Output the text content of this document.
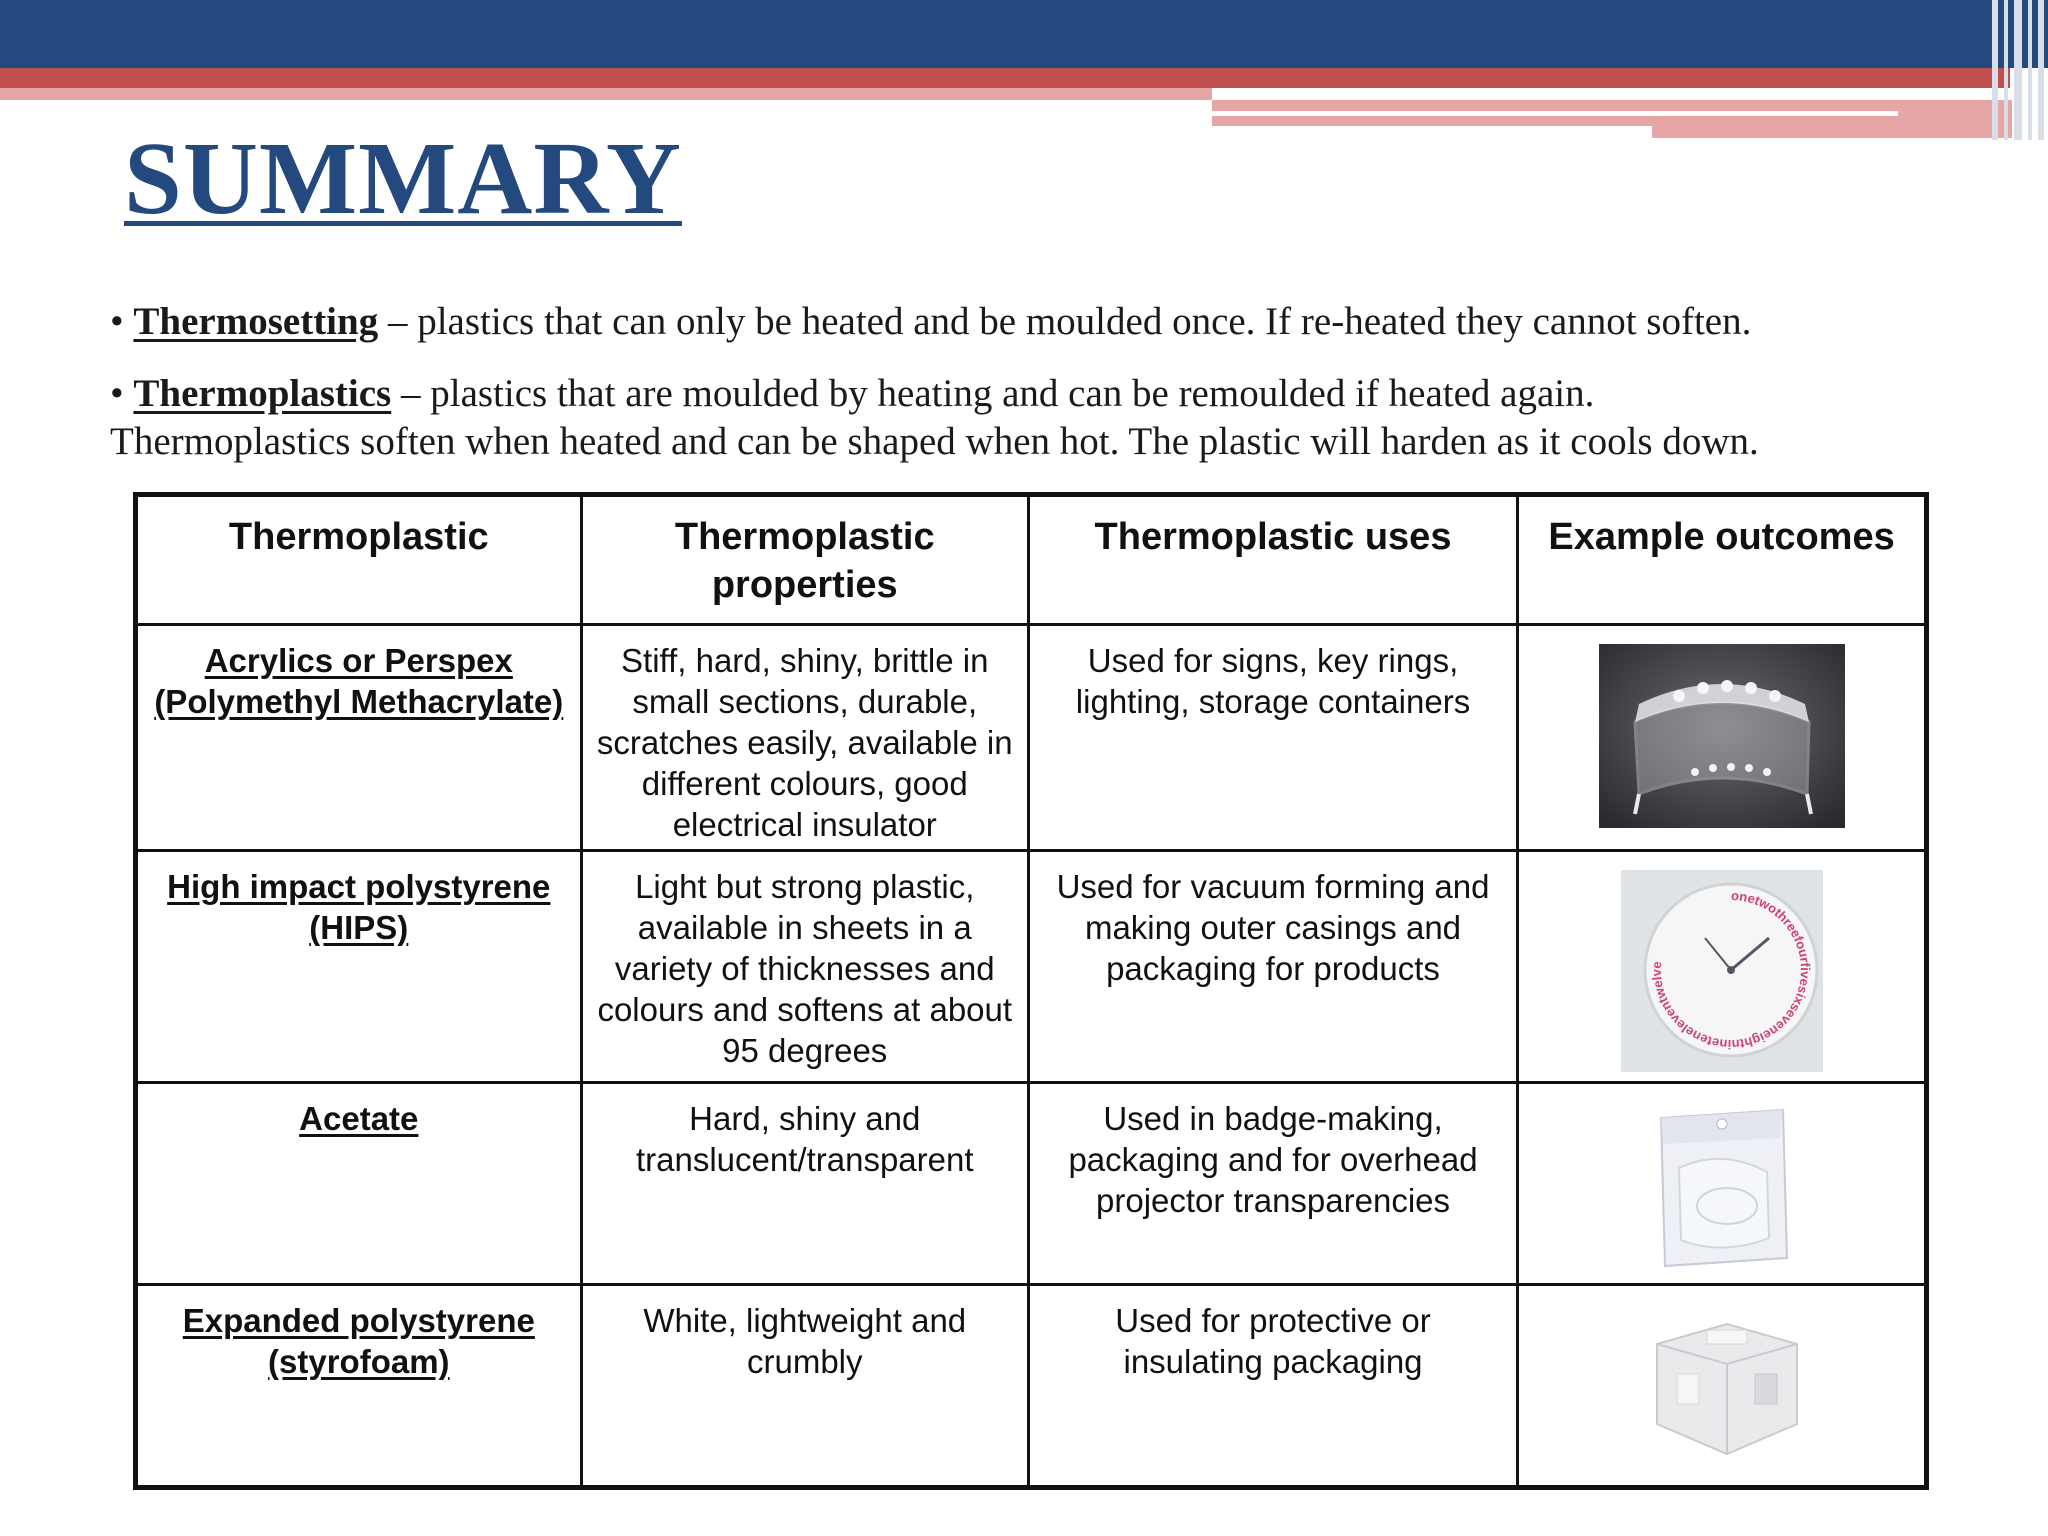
SUMMARY
• Thermosetting – plastics that can only be heated and be moulded once. If re-heated they cannot soften.
• Thermoplastics – plastics that are moulded by heating and can be remoulded if heated again.
Thermoplastics soften when heated and can be shaped when hot. The plastic will harden as it cools down.
Thermoplastic	Thermoplastic properties	Thermoplastic uses	Example outcomes
Acrylics or Perspex (Polymethyl Methacrylate)	Stiff, hard, shiny, brittle in small sections, durable, scratches easily, available in different colours, good electrical insulator	Used for signs, key rings, lighting, storage containers	
High impact polystyrene (HIPS)	Light but strong plastic, available in sheets in a variety of thicknesses and colours and softens at about 95 degrees	Used for vacuum forming and making outer casings and packaging for products	onetwothreefourfivesixseveneightnineteneleventwelve

Acetate	Hard, shiny and translucent/transparent	Used in badge-making, packaging and for overhead projector transparencies	
Expanded polystyrene (styrofoam)	White, lightweight and crumbly	Used for protective or insulating packaging	
